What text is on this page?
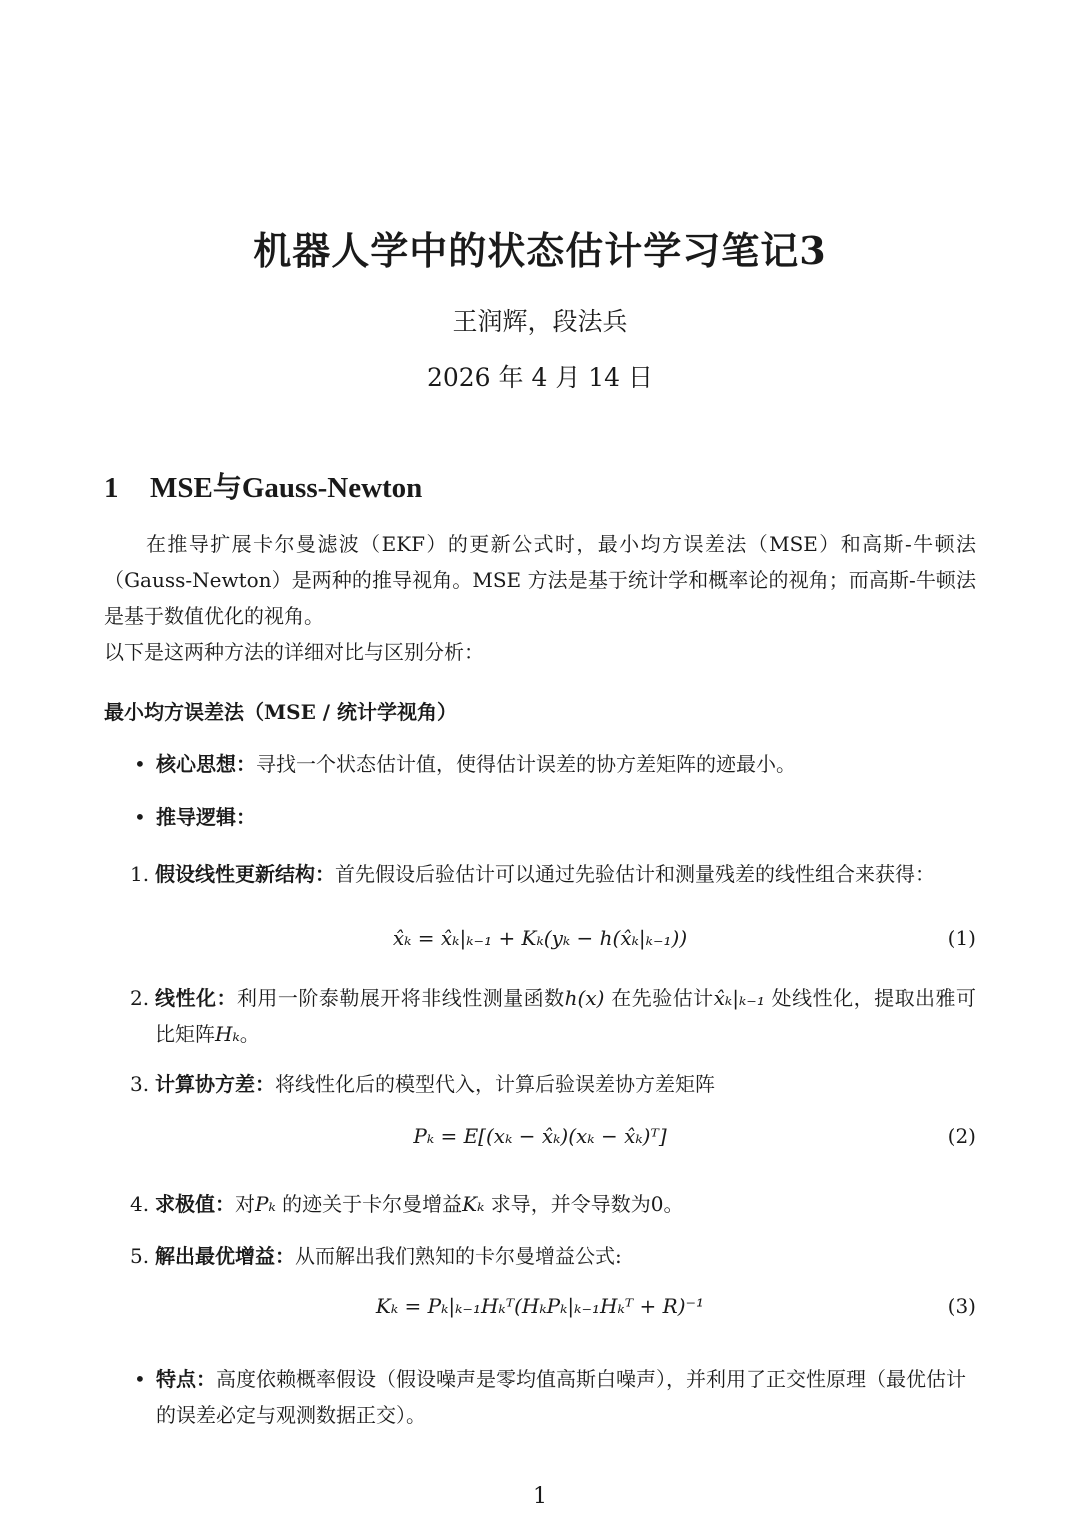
机器人学中的状态估计学习笔记3
王润辉，段法兵
2026 年 4 月 14 日
1 MSE与Gauss-Newton
在推导扩展卡尔曼滤波（EKF）的更新公式时，最小均方误差法（MSE）和高斯-牛顿法（Gauss-Newton）是两种的推导视角。MSE 方法是基于统计学和概率论的视角；而高斯-牛顿法是基于数值优化的视角。
以下是这两种方法的详细对比与区别分析：
最小均方误差法（MSE / 统计学视角）
• 核心思想：寻找一个状态估计值，使得估计误差的协方差矩阵的迹最小。
• 推导逻辑：
1. 假设线性更新结构：首先假设后验估计可以通过先验估计和测量残差的线性组合来获得：
x̂ₖ = x̂ₖ|ₖ₋₁ + Kₖ(yₖ − h(x̂ₖ|ₖ₋₁))	(1)
2. 线性化：利用一阶泰勒展开将非线性测量函数h(x) 在先验估计x̂ₖ|ₖ₋₁ 处线性化，提取出雅可比矩阵Hₖ。
3. 计算协方差：将线性化后的模型代入，计算后验误差协方差矩阵
Pₖ = E[(xₖ − x̂ₖ)(xₖ − x̂ₖ)ᵀ]	(2)
4. 求极值：对Pₖ 的迹关于卡尔曼增益Kₖ 求导，并令导数为0。
5. 解出最优增益：从而解出我们熟知的卡尔曼增益公式:
Kₖ = Pₖ|ₖ₋₁Hₖᵀ(HₖPₖ|ₖ₋₁Hₖᵀ + R)⁻¹	(3)
• 特点：高度依赖概率假设（假设噪声是零均值高斯白噪声），并利用了正交性原理（最优估计的误差必定与观测数据正交）。
1
